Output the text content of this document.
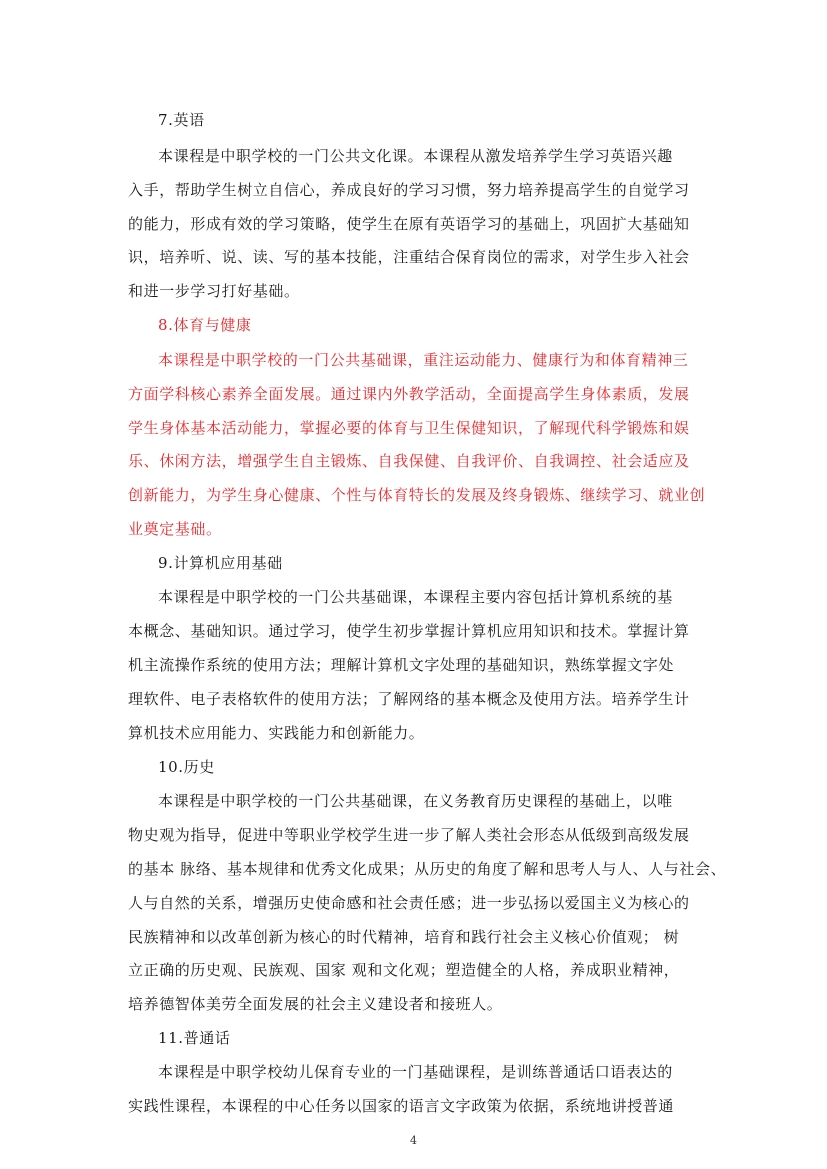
7.英语
本课程是中职学校的一门公共文化课。本课程从激发培养学生学习英语兴趣
入手，帮助学生树立自信心，养成良好的学习习惯，努力培养提高学生的自觉学习
的能力，形成有效的学习策略，使学生在原有英语学习的基础上，巩固扩大基础知
识，培养听、说、读、写的基本技能，注重结合保育岗位的需求，对学生步入社会
和进一步学习打好基础。
8.体育与健康
本课程是中职学校的一门公共基础课，重注运动能力、健康行为和体育精神三
方面学科核心素养全面发展。通过课内外教学活动，全面提高学生身体素质，发展
学生身体基本活动能力，掌握必要的体育与卫生保健知识，了解现代科学锻炼和娱
乐、休闲方法，增强学生自主锻炼、自我保健、自我评价、自我调控、社会适应及
创新能力，为学生身心健康、个性与体育特长的发展及终身锻炼、继续学习、就业创
业奠定基础。
9.计算机应用基础
本课程是中职学校的一门公共基础课，本课程主要内容包括计算机系统的基
本概念、基础知识。通过学习，使学生初步掌握计算机应用知识和技术。掌握计算
机主流操作系统的使用方法；理解计算机文字处理的基础知识，熟练掌握文字处
理软件、电子表格软件的使用方法；了解网络的基本概念及使用方法。培养学生计
算机技术应用能力、实践能力和创新能力。
10.历史
本课程是中职学校的一门公共基础课，在义务教育历史课程的基础上，以唯
物史观为指导，促进中等职业学校学生进一步了解人类社会形态从低级到高级发展
的基本 脉络、基本规律和优秀文化成果；从历史的角度了解和思考人与人、人与社会、
人与自然的关系，增强历史使命感和社会责任感；进一步弘扬以爱国主义为核心的
民族精神和以改革创新为核心的时代精神，培育和践行社会主义核心价值观； 树
立正确的历史观、民族观、国家 观和文化观；塑造健全的人格，养成职业精神，
培养德智体美劳全面发展的社会主义建设者和接班人。
11.普通话
本课程是中职学校幼儿保育专业的一门基础课程，是训练普通话口语表达的
实践性课程，本课程的中心任务以国家的语言文字政策为依据，系统地讲授普通
4
